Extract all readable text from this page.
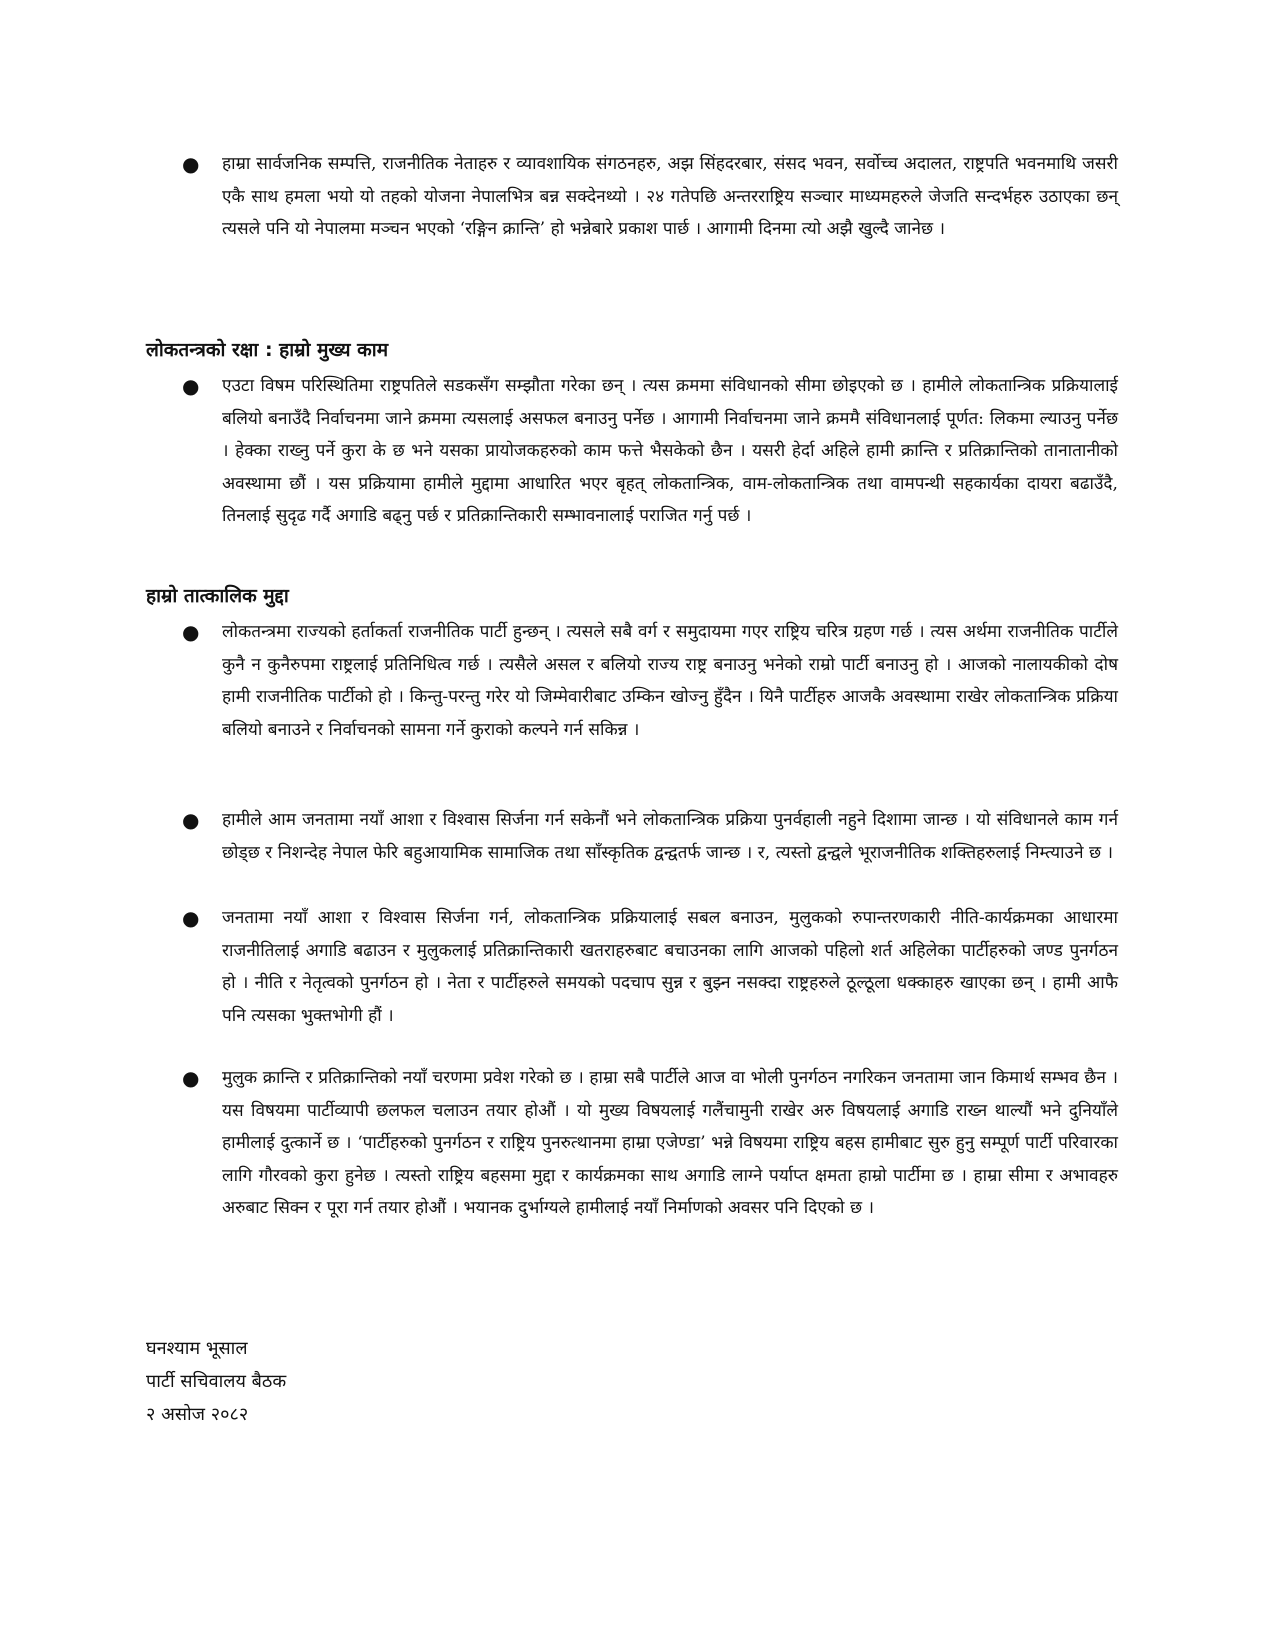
● हाम्रा सार्वजनिक सम्पत्ति, राजनीतिक नेताहरु र व्यावशायिक संगठनहरु, अझ सिंहदरबार, संसद भवन, सर्वोच्च अदालत, राष्ट्रपति भवनमाथि जसरी एकै साथ हमला भयो यो तहको योजना नेपालभित्र बन्न सक्देनथ्यो । २४ गतेपछि अन्तरराष्ट्रिय सञ्चार माध्यमहरुले जेजति सन्दर्भहरु उठाएका छन् त्यसले पनि यो नेपालमा मञ्चन भएको ‘रङ्गिन क्रान्ति’ हो भन्नेबारे प्रकाश पार्छ । आगामी दिनमा त्यो अझै खुल्दै जानेछ ।
लोकतन्त्रको रक्षा : हाम्रो मुख्य काम
● एउटा विषम परिस्थितिमा राष्ट्रपतिले सडकसँग सम्झौता गरेका छन् । त्यस क्रममा संविधानको सीमा छोइएको छ । हामीले लोकतान्त्रिक प्रक्रियालाई बलियो बनाउँदै निर्वाचनमा जाने क्रममा त्यसलाई असफल बनाउनु पर्नेछ । आगामी निर्वाचनमा जाने क्रममै संविधानलाई पूर्णत: लिकमा ल्याउनु पर्नेछ । हेक्का राख्नु पर्ने कुरा के छ भने यसका प्रायोजकहरुको काम फत्ते भैसकेको छैन । यसरी हेर्दा अहिले हामी क्रान्ति र प्रतिक्रान्तिको तानातानीको अवस्थामा छौं । यस प्रक्रियामा हामीले मुद्दामा आधारित भएर बृहत् लोकतान्त्रिक, वाम-लोकतान्त्रिक तथा वामपन्थी सहकार्यका दायरा बढाउँदै, तिनलाई सुदृढ गर्दै अगाडि बढ्नु पर्छ र प्रतिक्रान्तिकारी सम्भावनालाई पराजित गर्नु पर्छ ।
हाम्रो तात्कालिक मुद्दा
● लोकतन्त्रमा राज्यको हर्ताकर्ता राजनीतिक पार्टी हुन्छन् । त्यसले सबै वर्ग र समुदायमा गएर राष्ट्रिय चरित्र ग्रहण गर्छ । त्यस अर्थमा राजनीतिक पार्टीले कुनै न कुनैरुपमा राष्ट्रलाई प्रतिनिधित्व गर्छ । त्यसैले असल र बलियो राज्य राष्ट्र बनाउनु भनेको राम्रो पार्टी बनाउनु हो । आजको नालायकीको दोष हामी राजनीतिक पार्टीको हो । किन्तु-परन्तु गरेर यो जिम्मेवारीबाट उम्किन खोज्नु हुँदैन । यिनै पार्टीहरु आजकै अवस्थामा राखेर लोकतान्त्रिक प्रक्रिया बलियो बनाउने र निर्वाचनको सामना गर्ने कुराको कल्पने गर्न सकिन्न ।
● हामीले आम जनतामा नयाँ आशा र विश्वास सिर्जना गर्न सकेनौं भने लोकतान्त्रिक प्रक्रिया पुनर्वहाली नहुने दिशामा जान्छ । यो संविधानले काम गर्न छोड्छ र निशन्देह नेपाल फेरि बहुआयामिक सामाजिक तथा साँस्कृतिक द्वन्द्वतर्फ जान्छ । र, त्यस्तो द्वन्द्वले भूराजनीतिक शक्तिहरुलाई निम्त्याउने छ ।
● जनतामा नयाँ आशा र विश्वास सिर्जना गर्न, लोकतान्त्रिक प्रक्रियालाई सबल बनाउन, मुलुकको रुपान्तरणकारी नीति-कार्यक्रमका आधारमा राजनीतिलाई अगाडि बढाउन र मुलुकलाई प्रतिक्रान्तिकारी खतराहरुबाट बचाउनका लागि आजको पहिलो शर्त अहिलेका पार्टीहरुको जण्ड पुनर्गठन हो । नीति र नेतृत्वको पुनर्गठन हो । नेता र पार्टीहरुले समयको पदचाप सुन्न र बुझ्न नसक्दा राष्ट्रहरुले ठूल्ठूला धक्काहरु खाएका छन् । हामी आफै पनि त्यसका भुक्तभोगी हौं ।
● मुलुक क्रान्ति र प्रतिक्रान्तिको नयाँ चरणमा प्रवेश गरेको छ । हाम्रा सबै पार्टीले आज वा भोली पुनर्गठन नगरिकन जनतामा जान किमार्थ सम्भव छैन । यस विषयमा पार्टीव्यापी छलफल चलाउन तयार होऔं । यो मुख्य विषयलाई गलैंचामुनी राखेर अरु विषयलाई अगाडि राख्न थाल्यौं भने दुनियाँले हामीलाई दुत्कार्ने छ । ‘पार्टीहरुको पुनर्गठन र राष्ट्रिय पुनरुत्थानमा हाम्रा एजेण्डा’ भन्ने विषयमा राष्ट्रिय बहस हामीबाट सुरु हुनु सम्पूर्ण पार्टी परिवारका लागि गौरवको कुरा हुनेछ । त्यस्तो राष्ट्रिय बहसमा मुद्दा र कार्यक्रमका साथ अगाडि लाग्ने पर्याप्त क्षमता हाम्रो पार्टीमा छ । हाम्रा सीमा र अभावहरु अरुबाट सिक्न र पूरा गर्न तयार होऔं । भयानक दुर्भाग्यले हामीलाई नयाँ निर्माणको अवसर पनि दिएको छ ।
घनश्याम भूसाल
पार्टी सचिवालय बैठक
२ असोज २०८२
